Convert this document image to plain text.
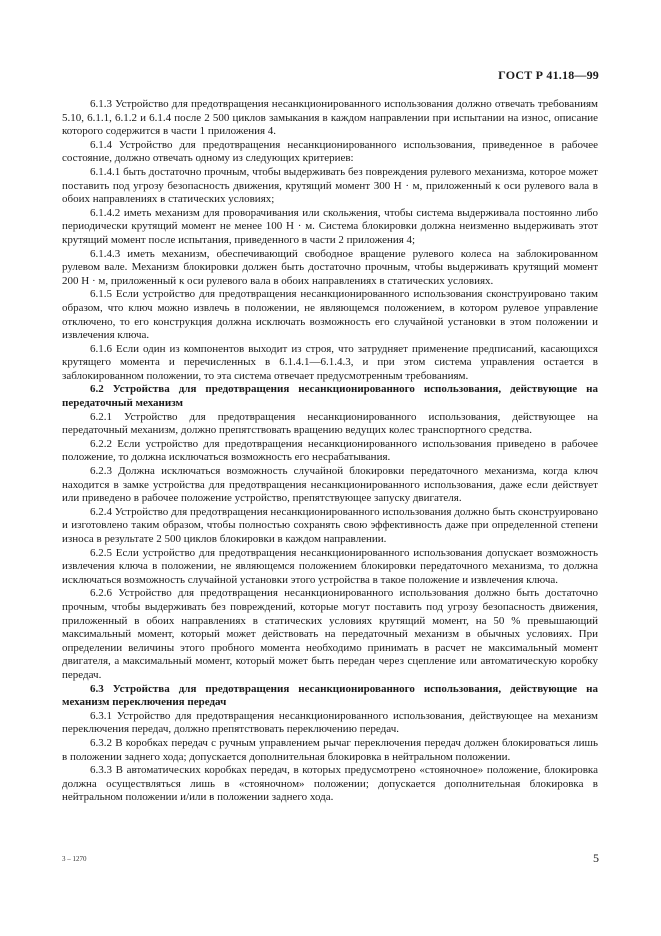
ГОСТ Р 41.18—99

6.1.3 Устройство для предотвращения несанкционированного использования должно отвечать требованиям 5.10, 6.1.1, 6.1.2 и 6.1.4 после 2 500 циклов замыкания в каждом направлении при испытании на износ, описание которого содержится в части 1 приложения 4.

6.1.4 Устройство для предотвращения несанкционированного использования, приведенное в рабочее состояние, должно отвечать одному из следующих критериев:

6.1.4.1 быть достаточно прочным, чтобы выдерживать без повреждения рулевого механизма, которое может поставить под угрозу безопасность движения, крутящий момент 300 Н · м, приложенный к оси рулевого вала в обоих направлениях в статических условиях;

6.1.4.2 иметь механизм для проворачивания или скольжения, чтобы система выдерживала постоянно либо периодически крутящий момент не менее 100 Н · м. Система блокировки должна неизменно выдерживать этот крутящий момент после испытания, приведенного в части 2 приложения 4;

6.1.4.3 иметь механизм, обеспечивающий свободное вращение рулевого колеса на заблокированном рулевом вале. Механизм блокировки должен быть достаточно прочным, чтобы выдерживать крутящий момент 200 Н · м, приложенный к оси рулевого вала в обоих направлениях в статических условиях.

6.1.5 Если устройство для предотвращения несанкционированного использования сконструировано таким образом, что ключ можно извлечь в положении, не являющемся положением, в котором рулевое управление отключено, то его конструкция должна исключать возможность его случайной установки в этом положении и извлечения ключа.

6.1.6 Если один из компонентов выходит из строя, что затрудняет применение предписаний, касающихся крутящего момента и перечисленных в 6.1.4.1—6.1.4.3, и при этом система управления остается в заблокированном положении, то эта система отвечает предусмотренным требованиям.

6.2 Устройства для предотвращения несанкционированного использования, действующие на передаточный механизм

6.2.1 Устройство для предотвращения несанкционированного использования, действующее на передаточный механизм, должно препятствовать вращению ведущих колес транспортного средства.

6.2.2 Если устройство для предотвращения несанкционированного использования приведено в рабочее положение, то должна исключаться возможность его несрабатывания.

6.2.3 Должна исключаться возможность случайной блокировки передаточного механизма, когда ключ находится в замке устройства для предотвращения несанкционированного использования, даже если действует или приведено в рабочее положение устройство, препятствующее запуску двигателя.

6.2.4 Устройство для предотвращения несанкционированного использования должно быть сконструировано и изготовлено таким образом, чтобы полностью сохранять свою эффективность даже при определенной степени износа в результате 2 500 циклов блокировки в каждом направлении.

6.2.5 Если устройство для предотвращения несанкционированного использования допускает возможность извлечения ключа в положении, не являющемся положением блокировки передаточного механизма, то должна исключаться возможность случайной установки этого устройства в такое положение и извлечения ключа.

6.2.6 Устройство для предотвращения несанкционированного использования должно быть достаточно прочным, чтобы выдерживать без повреждений, которые могут поставить под угрозу безопасность движения, приложенный в обоих направлениях в статических условиях крутящий момент, на 50 % превышающий максимальный момент, который может действовать на передаточный механизм в обычных условиях. При определении величины этого пробного момента необходимо принимать в расчет не максимальный момент двигателя, а максимальный момент, который может быть передан через сцепление или автоматическую коробку передач.

6.3 Устройства для предотвращения несанкционированного использования, действующие на механизм переключения передач

6.3.1 Устройство для предотвращения несанкционированного использования, действующее на механизм переключения передач, должно препятствовать переключению передач.

6.3.2 В коробках передач с ручным управлением рычаг переключения передач должен блокироваться лишь в положении заднего хода; допускается дополнительная блокировка в нейтральном положении.

6.3.3 В автоматических коробках передач, в которых предусмотрено «стояночное» положение, блокировка должна осуществляться лишь в «стояночном» положении; допускается дополнительная блокировка в нейтральном положении и/или в положении заднего хода.

3 – 1270	5
